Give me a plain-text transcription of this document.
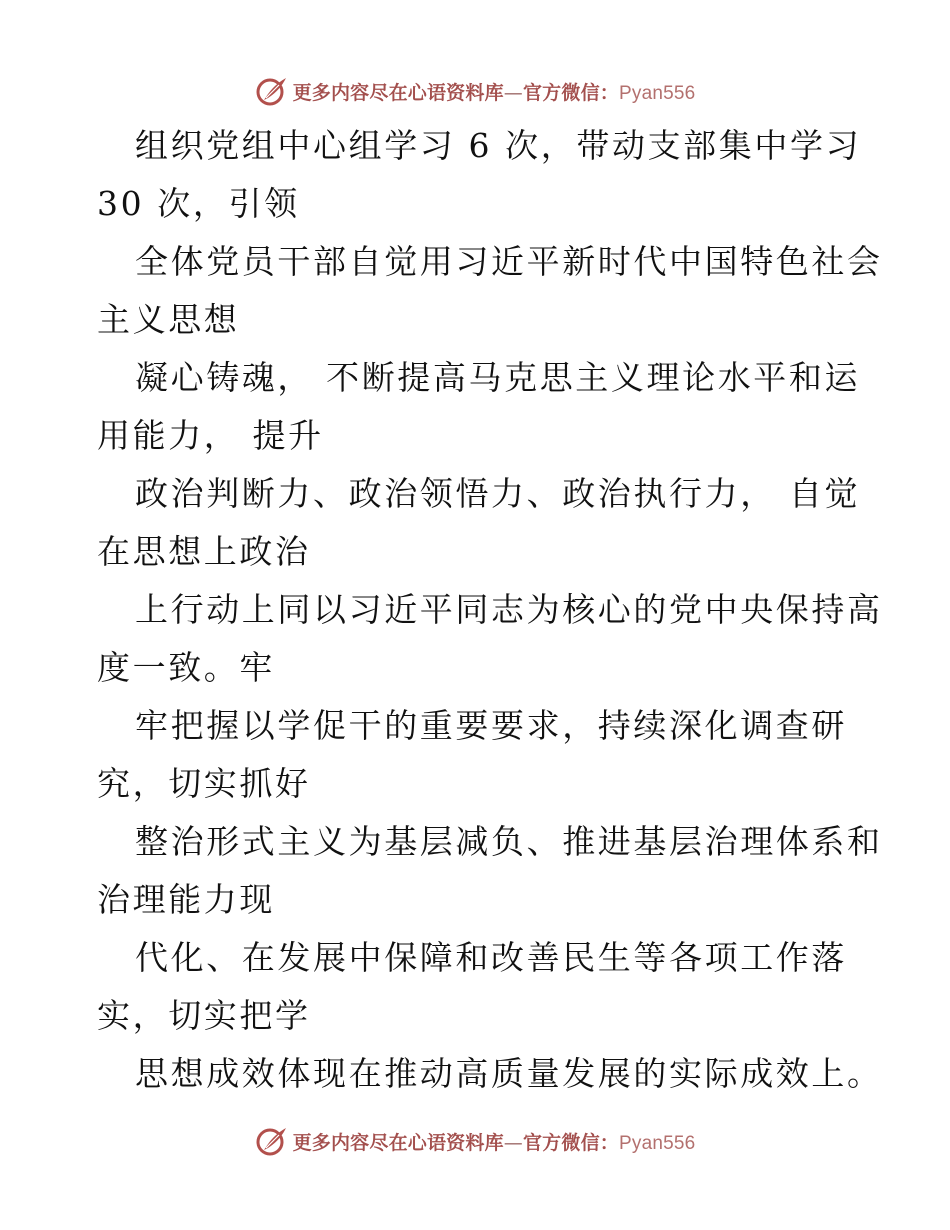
更多内容尽在心语资料库—官方微信：Pyan556
组织党组中心组学习 6 次，带动支部集中学习
30 次，引领
全体党员干部自觉用习近平新时代中国特色社会
主义思想
凝心铸魂， 不断提高马克思主义理论水平和运
用能力， 提升
政治判断力、政治领悟力、政治执行力， 自觉
在思想上政治
上行动上同以习近平同志为核心的党中央保持高
度一致。牢
牢把握以学促干的重要要求，持续深化调查研
究，切实抓好
整治形式主义为基层减负、推进基层治理体系和
治理能力现
代化、在发展中保障和改善民生等各项工作落
实，切实把学
思想成效体现在推动高质量发展的实际成效上。
更多内容尽在心语资料库—官方微信：Pyan556
